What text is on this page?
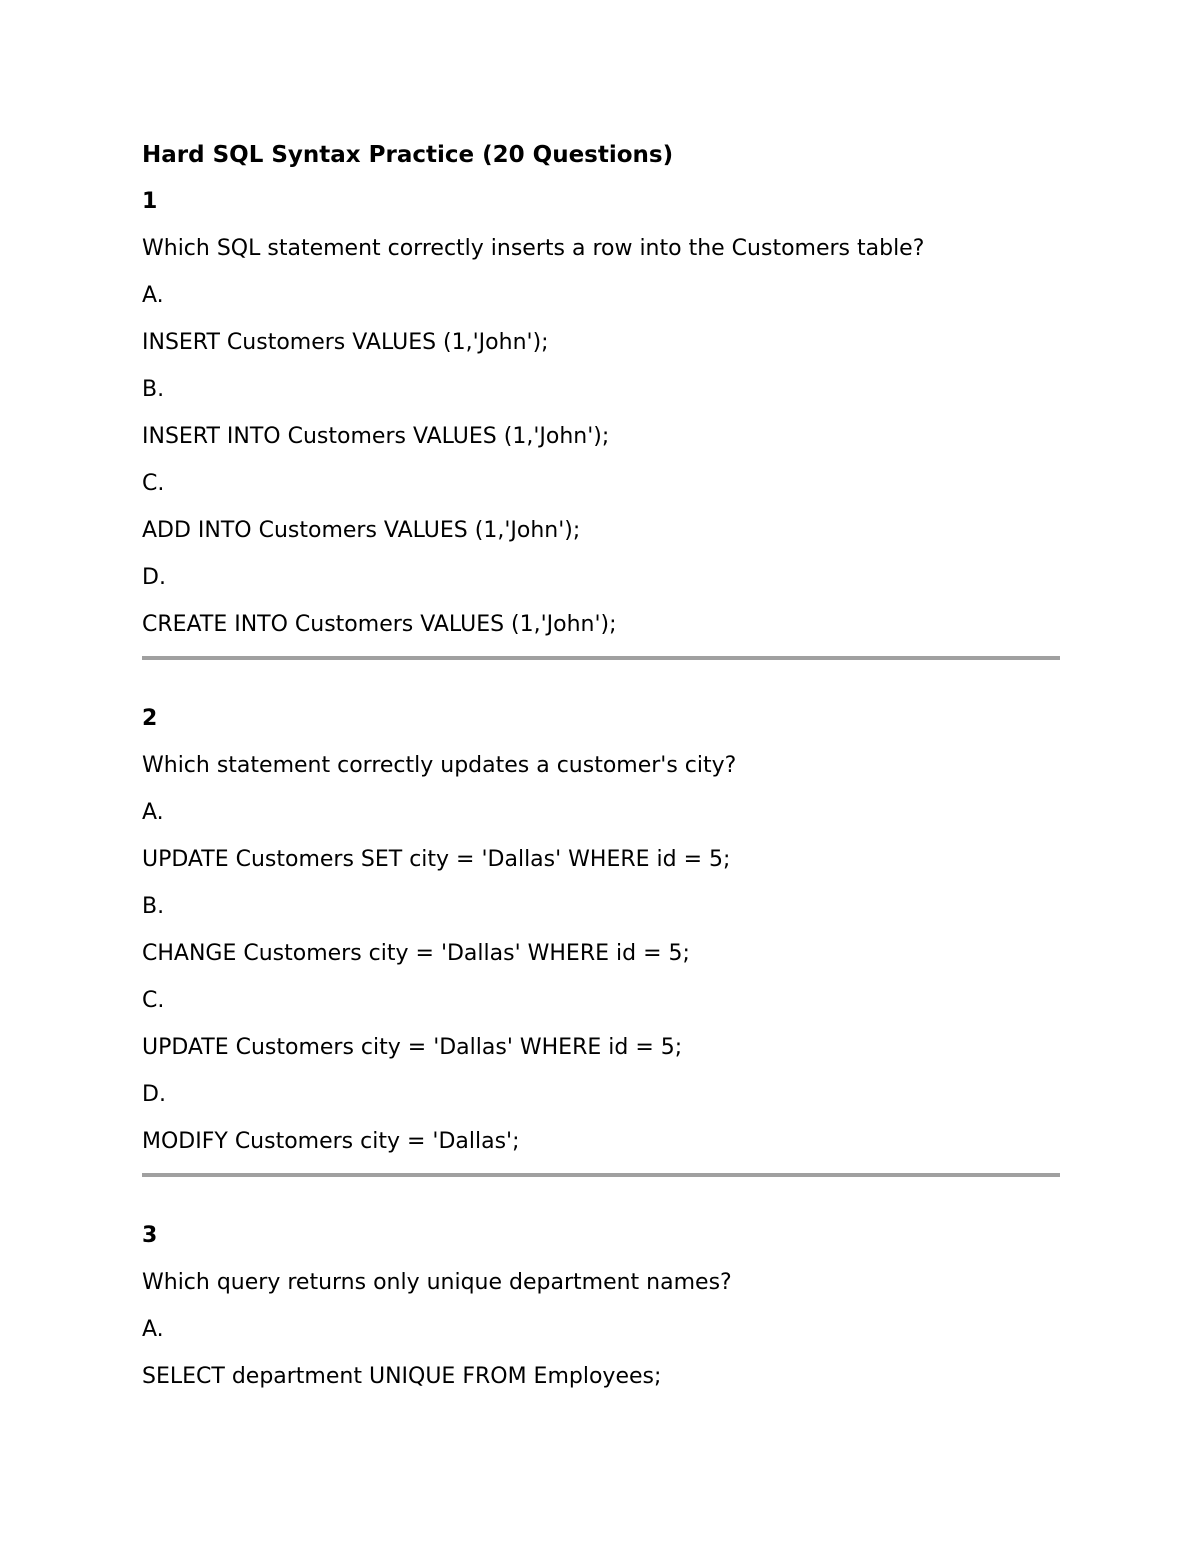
Hard SQL Syntax Practice (20 Questions)
1
Which SQL statement correctly inserts a row into the Customers table?
A.
INSERT Customers VALUES (1,'John');
B.
INSERT INTO Customers VALUES (1,'John');
C.
ADD INTO Customers VALUES (1,'John');
D.
CREATE INTO Customers VALUES (1,'John');
2
Which statement correctly updates a customer's city?
A.
UPDATE Customers SET city = 'Dallas' WHERE id = 5;
B.
CHANGE Customers city = 'Dallas' WHERE id = 5;
C.
UPDATE Customers city = 'Dallas' WHERE id = 5;
D.
MODIFY Customers city = 'Dallas';
3
Which query returns only unique department names?
A.
SELECT department UNIQUE FROM Employees;
